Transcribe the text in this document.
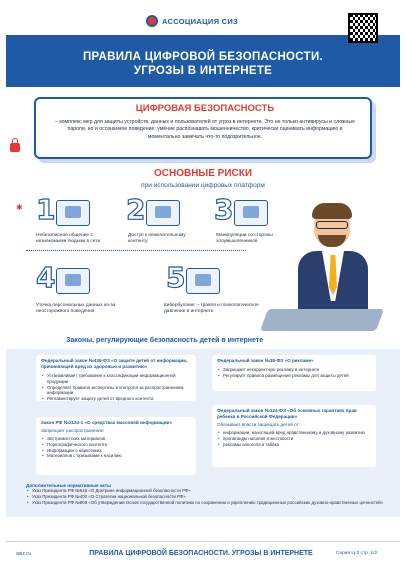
АССОЦИАЦИЯ СИЗ
ПРАВИЛА ЦИФРОВОЙ БЕЗОПАСНОСТИ.
УГРОЗЫ В ИНТЕРНЕТЕ
ЦИФРОВАЯ БЕЗОПАСНОСТЬ
– комплекс мер для защиты устройств, данных и пользователей от угроз в интернете. Это не только антивирусы и сложные пароли, но и осознанное поведение: умение распознавать мошенничество, критически оценивать информацию и моментально замечать что-то подозрительное.
ОСНОВНЫЕ РИСКИ
при использовании цифровых платформ
✱ 1
Небезопасное общение с незнакомыми людьми в сети
2
Доступ к нежелательному контенту
3
Манипуляции со стороны злоумышленников
4
Утечка персональных данных из-за неосторожного поведения
5
Кибербуллинг – травля и психологическое давление в интернете
Законы, регулирующие безопасность детей в интернете
Федеральный закон №436-ФЗ «О защите детей от информации, причиняющей вред их здоровью и развитию»
• Устанавливает требования к классификации информационной продукции
• Определяет правила экспертизы и контроля за распространением информации
• Регламентирует защиту детей от вредного контента
Федеральный закон №38-ФЗ «О рекламе»
• Запрещает некорректную рекламу в интернете
• Регулирует правила размещения рекламы для защиты детей
Закон РФ №2124-1 «О средствах массовой информации»
Запрещает распространение:
• Экстремистских материалов
• Порнографического контента
• Информации о наркотиках
• Материалов с призывами к насилию
Федеральный закон №124-ФЗ «Об основных гарантиях прав ребенка в Российской Федерации»
Обязывает власти защищать детей от:
• информации, наносящей вред нравственному и духовному развитию
• пропаганды насилия и жестокости
• рекламы алкоголя и табака
Дополнительные нормативные акты
• Указ Президента РФ №646 «О Доктрине информационной безопасности РФ»
• Указ Президента РФ №400 «О Стратегии национальной безопасности РФ»
• Указ Президента РФ №809 «Об утверждении Основ государственной политики по сохранению и укреплению традиционных российских духовно-нравственных ценностей»
asiz.ru	ПРАВИЛА ЦИФРОВОЙ БЕЗОПАСНОСТИ. УГРОЗЫ В ИНТЕРНЕТЕ	Серия Ц-2 стр. 1/2
